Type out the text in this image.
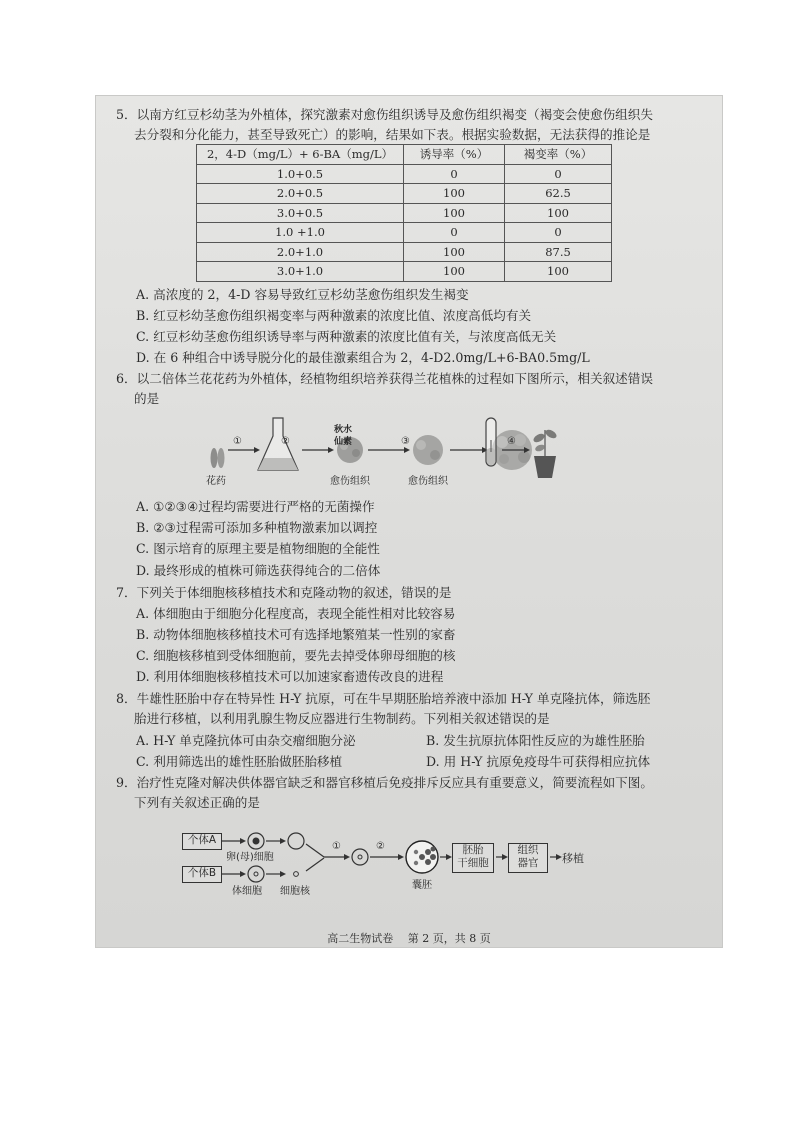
5．以南方红豆杉幼茎为外植体，探究激素对愈伤组织诱导及愈伤组织褐变（褐变会使愈伤组织失
去分裂和分化能力，甚至导致死亡）的影响，结果如下表。根据实验数据，无法获得的推论是
2，4-D（mg/L）+ 6-BA（mg/L）	诱导率（%）	褐变率（%）
1.0+0.5	0	0
2.0+0.5	100	62.5
3.0+0.5	100	100
1.0 +1.0	0	0
2.0+1.0	100	87.5
3.0+1.0	100	100
A. 高浓度的 2，4-D 容易导致红豆杉幼茎愈伤组织发生褐变
B. 红豆杉幼茎愈伤组织褐变率与两种激素的浓度比值、浓度高低均有关
C. 红豆杉幼茎愈伤组织诱导率与两种激素的浓度比值有关，与浓度高低无关
D. 在 6 种组合中诱导脱分化的最佳激素组合为 2，4-D2.0mg/L+6-BA0.5mg/L
6．以二倍体兰花花药为外植体，经植物组织培养获得兰花植株的过程如下图所示，相关叙述错误
的是
①	②	③	④
秋水
仙素
花药	愈伤组织	愈伤组织
A. ①②③④过程均需要进行严格的无菌操作
B. ②③过程需可添加多种植物激素加以调控
C. 图示培育的原理主要是植物细胞的全能性
D. 最终形成的植株可筛选获得纯合的二倍体
7．下列关于体细胞核移植技术和克隆动物的叙述，错误的是
A. 体细胞由于细胞分化程度高，表现全能性相对比较容易
B. 动物体细胞核移植技术可有选择地繁殖某一性别的家畜
C. 细胞核移植到受体细胞前，要先去掉受体卵母细胞的核
D. 利用体细胞核移植技术可以加速家畜遗传改良的进程
8．牛雄性胚胎中存在特异性 H-Y 抗原，可在牛早期胚胎培养液中添加 H-Y 单克隆抗体，筛选胚
胎进行移植，以利用乳腺生物反应器进行生物制药。下列相关叙述错误的是
A. H-Y 单克隆抗体可由杂交瘤细胞分泌	B. 发生抗原抗体阳性反应的为雄性胚胎
C. 利用筛选出的雄性胚胎做胚胎移植	D. 用 H-Y 抗原免疫母牛可获得相应抗体
9．治疗性克隆对解决供体器官缺乏和器官移植后免疫排斥反应具有重要意义，简要流程如下图。
下列有关叙述正确的是
个体A
个体B
卵(母)细胞
体细胞 细胞核
①	②
囊胚
胚胎
干细胞
组织
器官	移植
高二生物试卷　 第 2 页，共 8 页
